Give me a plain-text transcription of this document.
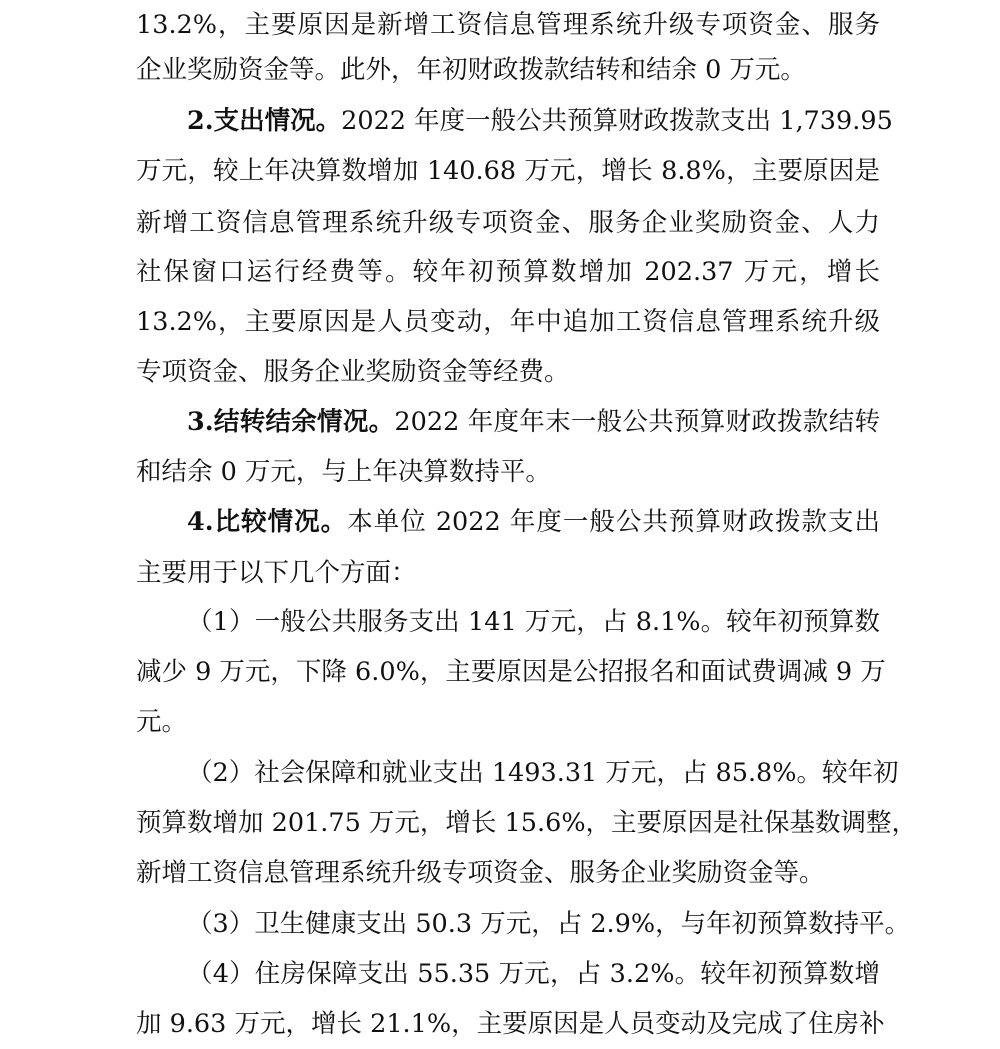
13.2%，主要原因是新增工资信息管理系统升级专项资金、服务
企业奖励资金等。此外，年初财政拨款结转和结余 0 万元。
2.支出情况。2022 年度一般公共预算财政拨款支出 1,739.95
万元，较上年决算数增加 140.68 万元，增长 8.8%，主要原因是
新增工资信息管理系统升级专项资金、服务企业奖励资金、人力
社保窗口运行经费等。较年初预算数增加 202.37 万元，增长
13.2%，主要原因是人员变动，年中追加工资信息管理系统升级
专项资金、服务企业奖励资金等经费。
3.结转结余情况。2022 年度年末一般公共预算财政拨款结转
和结余 0 万元，与上年决算数持平。
4.比较情况。本单位 2022 年度一般公共预算财政拨款支出
主要用于以下几个方面：
（1）一般公共服务支出 141 万元，占 8.1%。较年初预算数
减少 9 万元，下降 6.0%，主要原因是公招报名和面试费调减 9 万
元。
（2）社会保障和就业支出 1493.31 万元，占 85.8%。较年初
预算数增加 201.75 万元，增长 15.6%，主要原因是社保基数调整，
新增工资信息管理系统升级专项资金、服务企业奖励资金等。
（3）卫生健康支出 50.3 万元，占 2.9%，与年初预算数持平。
（4）住房保障支出 55.35 万元，占 3.2%。较年初预算数增
加 9.63 万元，增长 21.1%，主要原因是人员变动及完成了住房补
